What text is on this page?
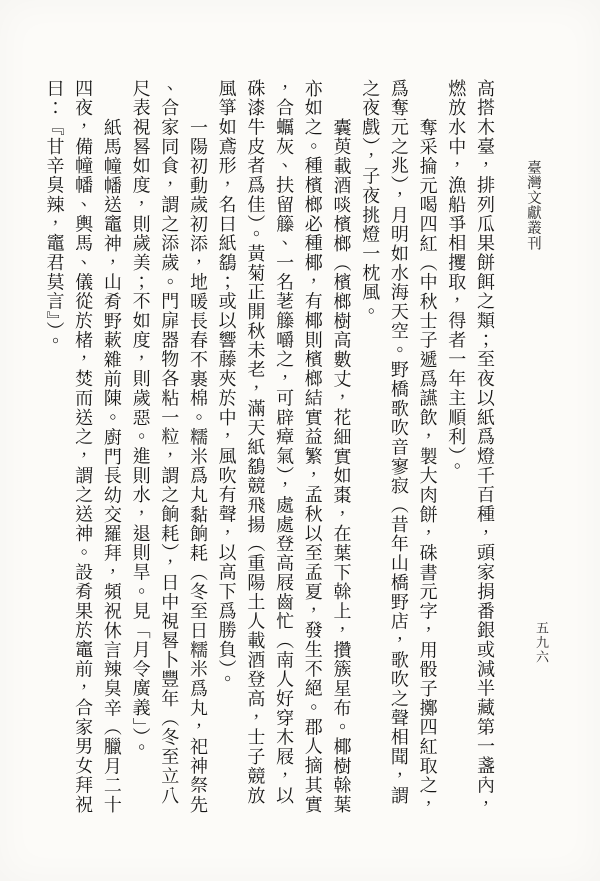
臺灣文獻叢刊
五九六
高搭木臺，排列瓜果餅餌之類；至夜以紙爲燈千百種，頭家捐番銀或減半藏第一盞內，
燃放水中，漁船爭相攫取，得者一年主順利）。
奪采掄元喝四紅（中秋士子遞爲讌飲，製大肉餅，硃書元字，用骰子擲四紅取之，
爲奪元之兆），月明如水海天空。野橋歌吹音寥寂（昔年山橋野店，歌吹之聲相聞，謂
之夜戲），子夜挑燈一枕風。
囊萸載酒啖檳榔（檳榔樹高數丈，花細實如棗，在葉下榦上，攢簇星布。椰樹榦葉
亦如之。種檳榔必種椰，有椰則檳榔結實益繁，孟秋以至孟夏，發生不絕。郡人摘其實
，合蠣灰、扶留籐、一名荖籐嚼之，可辟瘴氣），處處登高屐齒忙（南人好穿木屐，以
硃漆牛皮者爲佳）。黃菊正開秋未老，滿天紙鷂競飛揚（重陽土人載酒登高，士子競放
風箏如鳶形，名曰紙鷂；或以響藤夾於中，風吹有聲，以高下爲勝負）。
一陽初動歲初添，地暖長春不裹棉。糯米爲丸黏餉耗（冬至日糯米爲丸，祀神祭先
、合家同食，謂之添歲。門扉器物各粘一粒，謂之餉耗），日中視晷卜豐年（冬至立八
尺表視晷如度，則歲美；不如度，則歲惡。進則水，退則旱。見「月令廣義」）。
紙馬幢幡送竈神，山肴野蔌雜前陳。廚門長幼交羅拜，頻祝休言辣臭辛（臘月二十
四夜，備幢幡、輿馬、儀從於楮，焚而送之，謂之送神。設肴果於竈前，合家男女拜祝
曰：『甘辛臭辣，竈君莫言』）。
